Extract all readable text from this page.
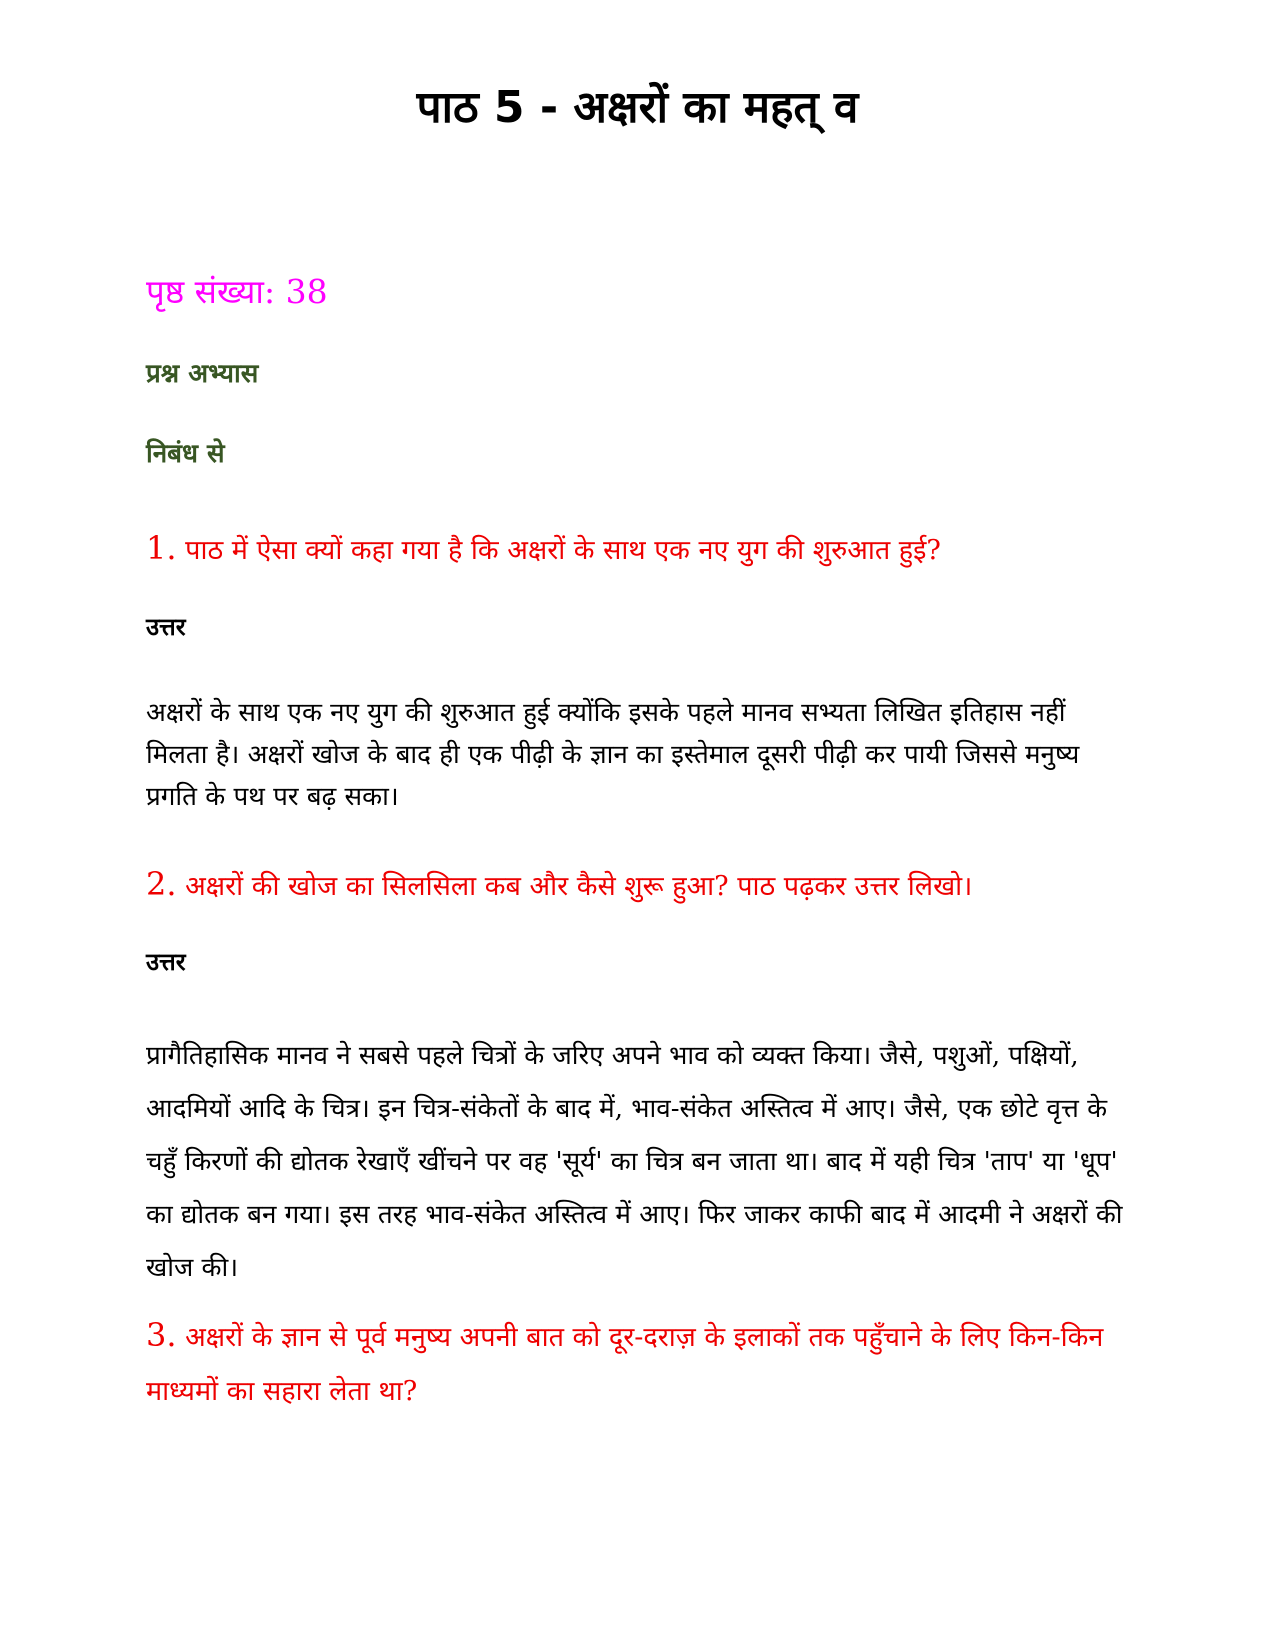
पाठ 5 - अक्षरों का महत् व

पृष्ठ संख्या: 38

प्रश्न अभ्यास

निबंध से

1. पाठ में ऐसा क्यों कहा गया है कि अक्षरों के साथ एक नए युग की शुरुआत हुई?

उत्तर

अक्षरों के साथ एक नए युग की शुरुआत हुई क्योंकि इसके पहले मानव सभ्यता लिखित इतिहास नहीं मिलता है। अक्षरों खोज के बाद ही एक पीढ़ी के ज्ञान का इस्तेमाल दूसरी पीढ़ी कर पायी जिससे मनुष्य प्रगति के पथ पर बढ़ सका।

2. अक्षरों की खोज का सिलसिला कब और कैसे शुरू हुआ? पाठ पढ़कर उत्तर लिखो।

उत्तर

प्रागैतिहासिक मानव ने सबसे पहले चित्रों के जरिए अपने भाव को व्यक्त किया। जैसे, पशुओं, पक्षियों, आदमियों आदि के चित्र। इन चित्र-संकेतों के बाद में, भाव-संकेत अस्तित्व में आए। जैसे, एक छोटे वृत्त के चहुँ किरणों की द्योतक रेखाएँ खींचने पर वह 'सूर्य' का चित्र बन जाता था। बाद में यही चित्र 'ताप' या 'धूप' का द्योतक बन गया। इस तरह भाव-संकेत अस्तित्व में आए। फिर जाकर काफी बाद में आदमी ने अक्षरों की खोज की।

3. अक्षरों के ज्ञान से पूर्व मनुष्य अपनी बात को दूर-दराज़ के इलाकों तक पहुँचाने के लिए किन-किन माध्यमों का सहारा लेता था?
